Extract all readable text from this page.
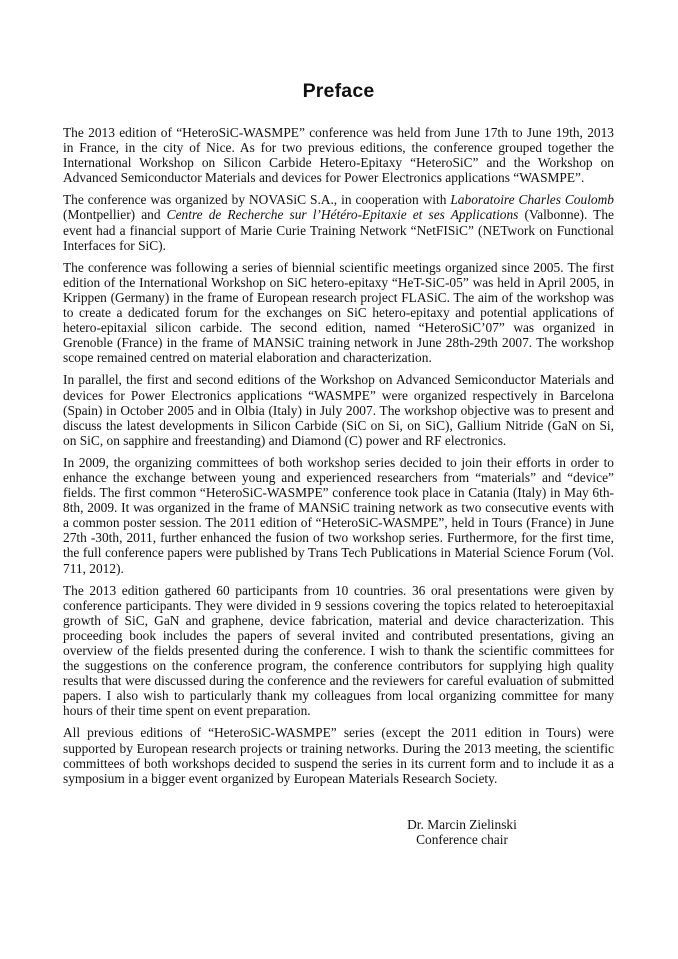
Preface

The 2013 edition of “HeteroSiC-WASMPE” conference was held from June 17th to June 19th, 2013 in France, in the city of Nice. As for two previous editions, the conference grouped together the International Workshop on Silicon Carbide Hetero-Epitaxy “HeteroSiC” and the Workshop on Advanced Semiconductor Materials and devices for Power Electronics applications “WASMPE”.

The conference was organized by NOVASiC S.A., in cooperation with Laboratoire Charles Coulomb (Montpellier) and Centre de Recherche sur l’Hétéro-Epitaxie et ses Applications (Valbonne). The event had a financial support of Marie Curie Training Network “NetFISiC” (NETwork on Functional Interfaces for SiC).

The conference was following a series of biennial scientific meetings organized since 2005. The first edition of the International Workshop on SiC hetero-epitaxy “HeT-SiC-05” was held in April 2005, in Krippen (Germany) in the frame of European research project FLASiC. The aim of the workshop was to create a dedicated forum for the exchanges on SiC hetero-epitaxy and potential applications of hetero-epitaxial silicon carbide. The second edition, named “HeteroSiC’07” was organized in Grenoble (France) in the frame of MANSiC training network in June 28th-29th 2007. The workshop scope remained centred on material elaboration and characterization.

In parallel, the first and second editions of the Workshop on Advanced Semiconductor Materials and devices for Power Electronics applications “WASMPE” were organized respectively in Barcelona (Spain) in October 2005 and in Olbia (Italy) in July 2007. The workshop objective was to present and discuss the latest developments in Silicon Carbide (SiC on Si, on SiC), Gallium Nitride (GaN on Si, on SiC, on sapphire and freestanding) and Diamond (C) power and RF electronics.

In 2009, the organizing committees of both workshop series decided to join their efforts in order to enhance the exchange between young and experienced researchers from “materials” and “device” fields. The first common “HeteroSiC-WASMPE” conference took place in Catania (Italy) in May 6th-8th, 2009. It was organized in the frame of MANSiC training network as two consecutive events with a common poster session. The 2011 edition of “HeteroSiC-WASMPE”, held in Tours (France) in June 27th -30th, 2011, further enhanced the fusion of two workshop series. Furthermore, for the first time, the full conference papers were published by Trans Tech Publications in Material Science Forum (Vol. 711, 2012).

The 2013 edition gathered 60 participants from 10 countries. 36 oral presentations were given by conference participants. They were divided in 9 sessions covering the topics related to heteroepitaxial growth of SiC, GaN and graphene, device fabrication, material and device characterization. This proceeding book includes the papers of several invited and contributed presentations, giving an overview of the fields presented during the conference. I wish to thank the scientific committees for the suggestions on the conference program, the conference contributors for supplying high quality results that were discussed during the conference and the reviewers for careful evaluation of submitted papers. I also wish to particularly thank my colleagues from local organizing committee for many hours of their time spent on event preparation.

All previous editions of “HeteroSiC-WASMPE” series (except the 2011 edition in Tours) were supported by European research projects or training networks. During the 2013 meeting, the scientific committees of both workshops decided to suspend the series in its current form and to include it as a symposium in a bigger event organized by European Materials Research Society.

Dr. Marcin Zielinski
Conference chair
